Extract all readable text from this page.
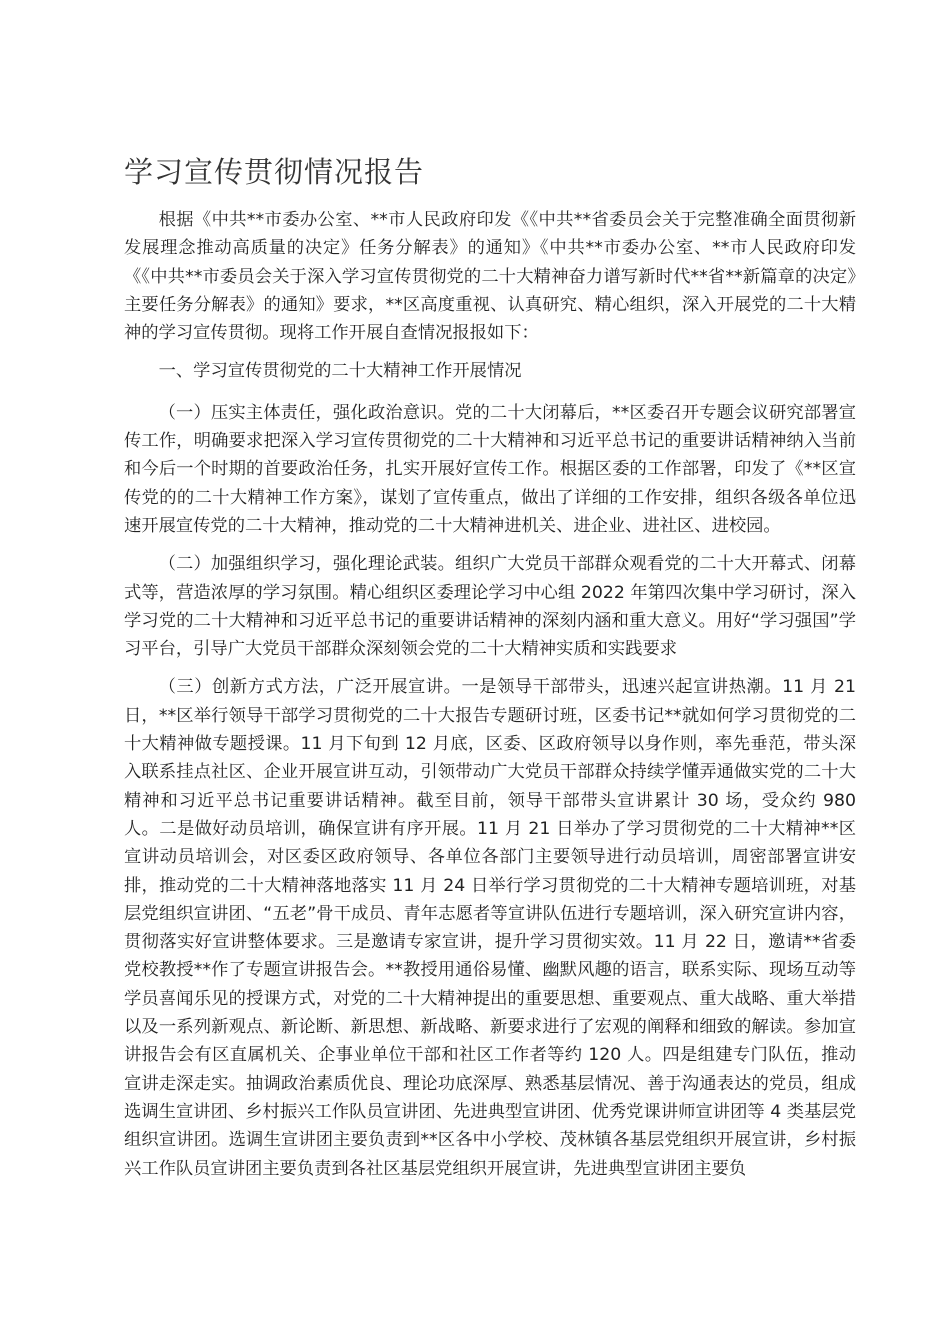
学习宣传贯彻情况报告

根据《中共**市委办公室、**市人民政府印发《《中共**省委员会关于完整准确全面贯彻新发展理念推动高质量的决定》任务分解表》的通知》《中共**市委办公室、**市人民政府印发《《中共**市委员会关于深入学习宣传贯彻党的二十大精神奋力谱写新时代**省**新篇章的决定》主要任务分解表》的通知》要求，**区高度重视、认真研究、精心组织，深入开展党的二十大精神的学习宣传贯彻。现将工作开展自查情况报报如下：

一、学习宣传贯彻党的二十大精神工作开展情况

（一）压实主体责任，强化政治意识。党的二十大闭幕后，**区委召开专题会议研究部署宣传工作，明确要求把深入学习宣传贯彻党的二十大精神和习近平总书记的重要讲话精神纳入当前和今后一个时期的首要政治任务，扎实开展好宣传工作。根据区委的工作部署，印发了《**区宣传党的的二十大精神工作方案》，谋划了宣传重点，做出了详细的工作安排，组织各级各单位迅速开展宣传党的二十大精神，推动党的二十大精神进机关、进企业、进社区、进校园。

（二）加强组织学习，强化理论武装。组织广大党员干部群众观看党的二十大开幕式、闭幕式等，营造浓厚的学习氛围。精心组织区委理论学习中心组 2022 年第四次集中学习研讨，深入学习党的二十大精神和习近平总书记的重要讲话精神的深刻内涵和重大意义。用好“学习强国”学习平台，引导广大党员干部群众深刻领会党的二十大精神实质和实践要求

（三）创新方式方法，广泛开展宣讲。一是领导干部带头，迅速兴起宣讲热潮。11 月 21 日，**区举行领导干部学习贯彻党的二十大报告专题研讨班，区委书记**就如何学习贯彻党的二十大精神做专题授课。11 月下旬到 12 月底，区委、区政府领导以身作则，率先垂范，带头深入联系挂点社区、企业开展宣讲互动，引领带动广大党员干部群众持续学懂弄通做实党的二十大精神和习近平总书记重要讲话精神。截至目前，领导干部带头宣讲累计 30 场，受众约 980 人。二是做好动员培训，确保宣讲有序开展。11 月 21 日举办了学习贯彻党的二十大精神**区宣讲动员培训会，对区委区政府领导、各单位各部门主要领导进行动员培训，周密部署宣讲安排，推动党的二十大精神落地落实 11 月 24 日举行学习贯彻党的二十大精神专题培训班，对基层党组织宣讲团、“五老”骨干成员、青年志愿者等宣讲队伍进行专题培训，深入研究宣讲内容，贯彻落实好宣讲整体要求。三是邀请专家宣讲，提升学习贯彻实效。11 月 22 日，邀请**省委党校教授**作了专题宣讲报告会。**教授用通俗易懂、幽默风趣的语言，联系实际、现场互动等学员喜闻乐见的授课方式，对党的二十大精神提出的重要思想、重要观点、重大战略、重大举措以及一系列新观点、新论断、新思想、新战略、新要求进行了宏观的阐释和细致的解读。参加宣讲报告会有区直属机关、企事业单位干部和社区工作者等约 120 人。四是组建专门队伍，推动宣讲走深走实。抽调政治素质优良、理论功底深厚、熟悉基层情况、善于沟通表达的党员，组成选调生宣讲团、乡村振兴工作队员宣讲团、先进典型宣讲团、优秀党课讲师宣讲团等 4 类基层党组织宣讲团。选调生宣讲团主要负责到**区各中小学校、茂林镇各基层党组织开展宣讲，乡村振兴工作队员宣讲团主要负责到各社区基层党组织开展宣讲，先进典型宣讲团主要负
